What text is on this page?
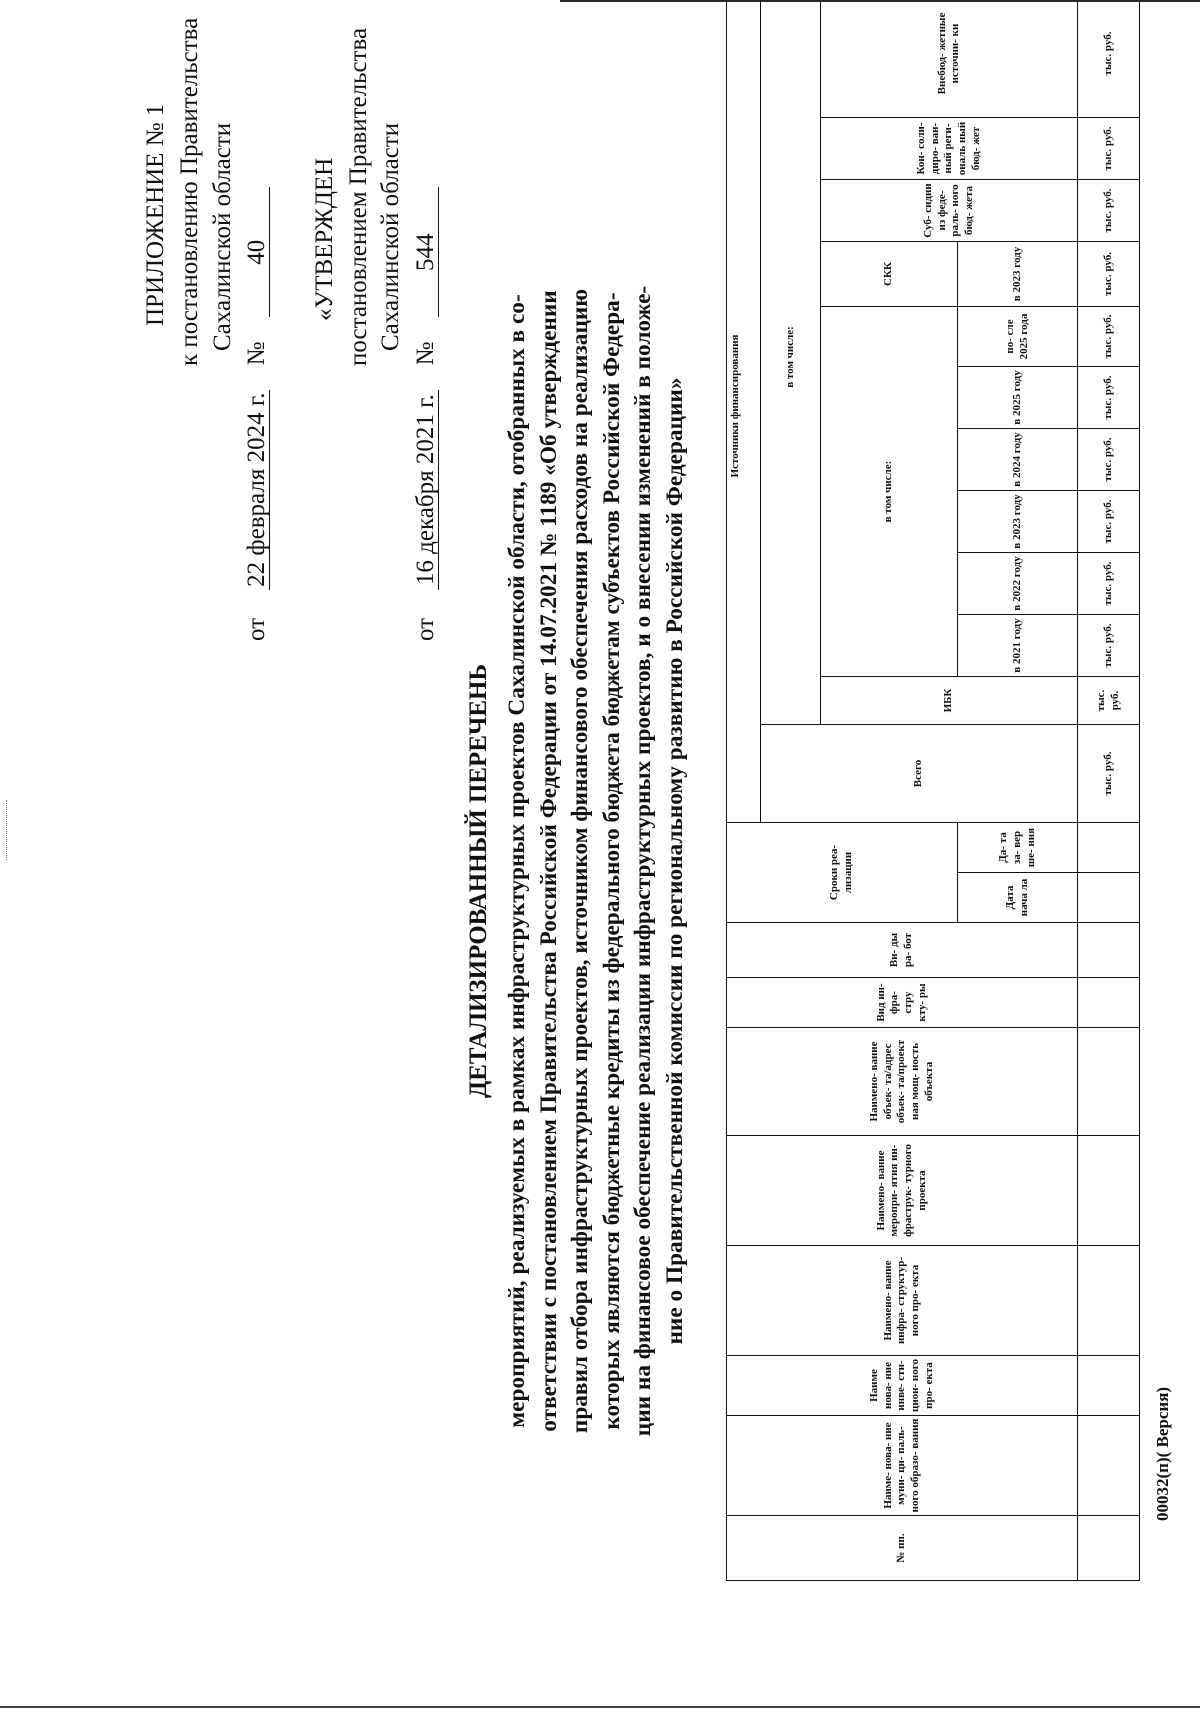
ПРИЛОЖЕНИЕ № 1 к постановлению Правительства Сахалинской области
от 22 февраля 2024 г. № 40 «УТВЕРЖДЕН постановлением Правительства Сахалинской области
от 16 декабря 2021 г. № 544
ДЕТАЛИЗИРОВАННЫЙ ПЕРЕЧЕНЬ мероприятий, реализуемых в рамках инфраструктурных проектов Сахалинской области, отобранных в со- ответствии с постановлением Правительства Российской Федерации от 14.07.2021 № 1189 «Об утверждении правил отбора инфраструктурных проектов, источником финансового обеспечения расходов на реализацию которых являются бюджетные кредиты из федерального бюджета бюджетам субъектов Российской Федера- ции на финансовое обеспечение реализации инфраструктурных проектов, и о внесении изменений в положе- ние о Правительственной комиссии по региональному развитию в Российской Федерации»
№ пп.	Наиме- нова- ние муни- ци- паль- ного образо- вания	Наиме нова- ние инве- сти- цион- ного про- екта	Наимено- вание инфра- структур- ного про- екта	Наимено- вание меропри- ятия ин- фраструк- турного проекта	Наимено- вание объек- та/адрес объек- та/проект ная мощ- ность объекта	Вид ин- фра- стру кту- ры	Ви- ды ра- бот	Сроки реа- лизации		Источники финансирования											
										Всего	в том числе:										
											ИБК	в том числе:						СКК	Суб- сидии из феде- раль- ного бюд- жета	Кон- соли- диро- ван- ный реги- ональ ный бюд- жет	Внебюд- жетные источни- ки
								Дата нача ла	Да- та за- вер ше- ния			в 2021 году	в 2022 году	в 2023 году	в 2024 году	в 2025 году	по- сле 2025 года	в 2023 году			
										тыс. руб.	тыс. руб.	тыс. руб.	тыс. руб.	тыс. руб.	тыс. руб.	тыс. руб.	тыс. руб.	тыс. руб.	тыс. руб.	тыс. руб.	тыс. руб.
00032(п)( Версия)
